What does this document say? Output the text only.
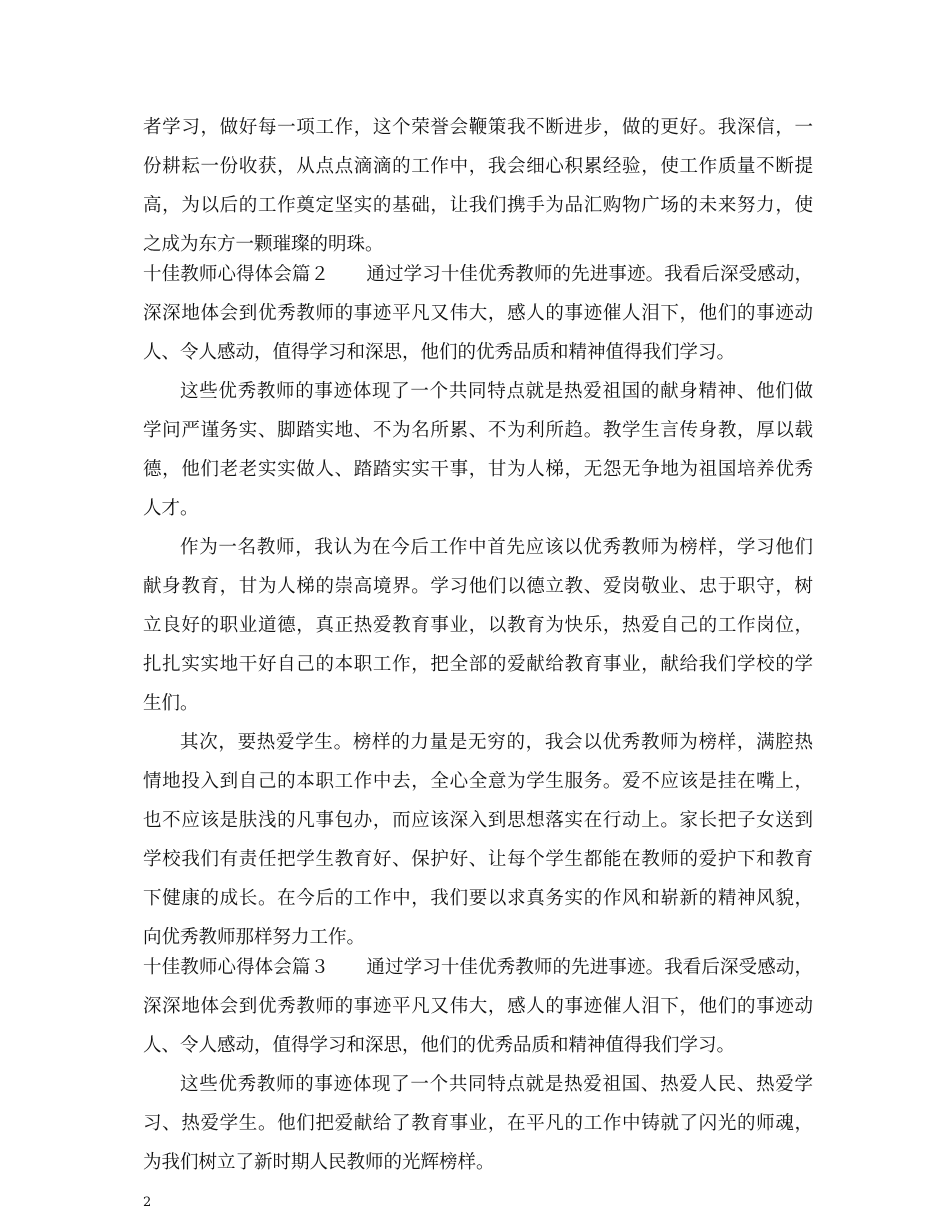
者学习，做好每一项工作，这个荣誉会鞭策我不断进步，做的更好。我深信，一
份耕耘一份收获，从点点滴滴的工作中，我会细心积累经验，使工作质量不断提
高，为以后的工作奠定坚实的基础，让我们携手为品汇购物广场的未来努力，使
之成为东方一颗璀璨的明珠。
十佳教师心得体会篇２　　通过学习十佳优秀教师的先进事迹。我看后深受感动，
深深地体会到优秀教师的事迹平凡又伟大，感人的事迹催人泪下，他们的事迹动
人、令人感动，值得学习和深思，他们的优秀品质和精神值得我们学习。
这些优秀教师的事迹体现了一个共同特点就是热爱祖国的献身精神、他们做
学问严谨务实、脚踏实地、不为名所累、不为利所趋。教学生言传身教，厚以载
德，他们老老实实做人、踏踏实实干事，甘为人梯，无怨无争地为祖国培养优秀
人才。
作为一名教师，我认为在今后工作中首先应该以优秀教师为榜样，学习他们
献身教育，甘为人梯的崇高境界。学习他们以德立教、爱岗敬业、忠于职守，树
立良好的职业道德，真正热爱教育事业，以教育为快乐，热爱自己的工作岗位，
扎扎实实地干好自己的本职工作，把全部的爱献给教育事业，献给我们学校的学
生们。
其次，要热爱学生。榜样的力量是无穷的，我会以优秀教师为榜样，满腔热
情地投入到自己的本职工作中去，全心全意为学生服务。爱不应该是挂在嘴上，
也不应该是肤浅的凡事包办，而应该深入到思想落实在行动上。家长把子女送到
学校我们有责任把学生教育好、保护好、让每个学生都能在教师的爱护下和教育
下健康的成长。在今后的工作中，我们要以求真务实的作风和崭新的精神风貌，
向优秀教师那样努力工作。
十佳教师心得体会篇３　　通过学习十佳优秀教师的先进事迹。我看后深受感动，
深深地体会到优秀教师的事迹平凡又伟大，感人的事迹催人泪下，他们的事迹动
人、令人感动，值得学习和深思，他们的优秀品质和精神值得我们学习。
这些优秀教师的事迹体现了一个共同特点就是热爱祖国、热爱人民、热爱学
习、热爱学生。他们把爱献给了教育事业，在平凡的工作中铸就了闪光的师魂，
为我们树立了新时期人民教师的光辉榜样。
2
